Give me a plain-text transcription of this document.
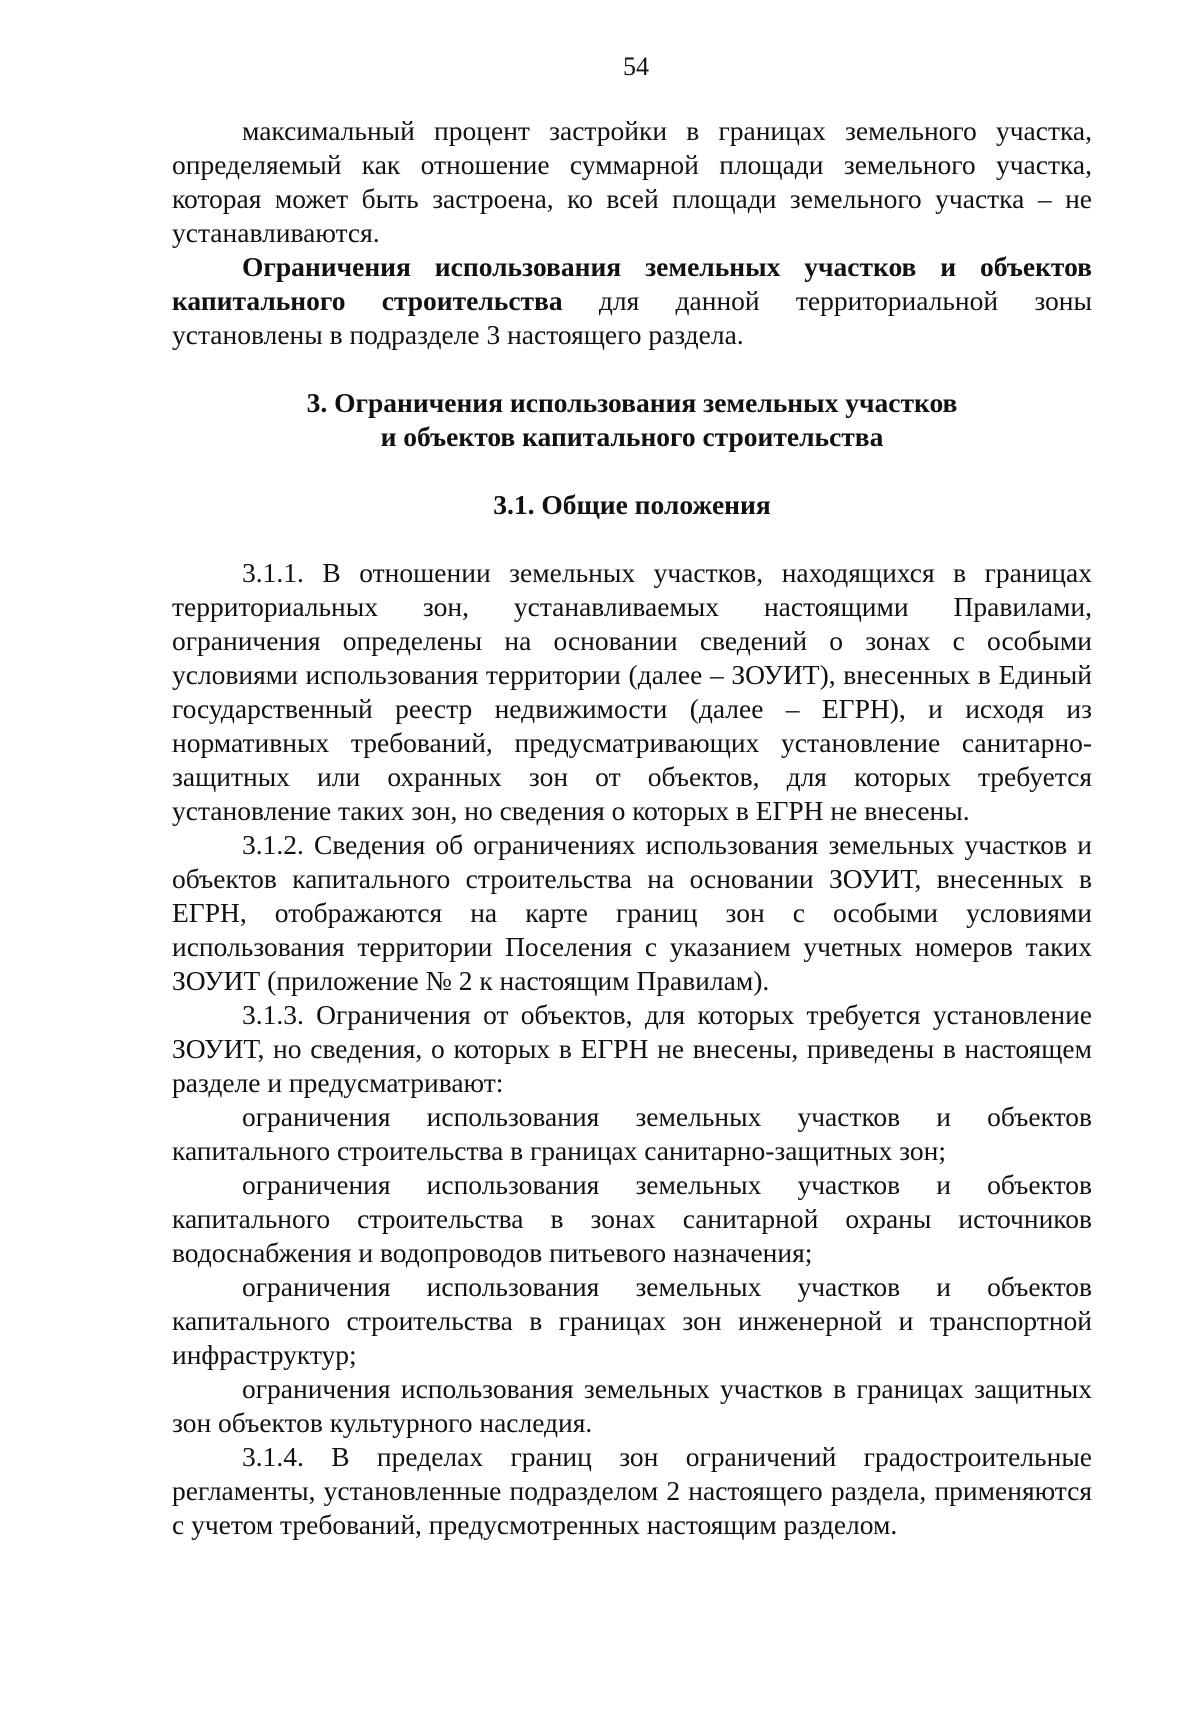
54

максимальный процент застройки в границах земельного участка, определяемый как отношение суммарной площади земельного участка, которая может быть застроена, ко всей площади земельного участка – не устанавливаются.

Ограничения использования земельных участков и объектов капитального строительства для данной территориальной зоны установлены в подразделе 3 настоящего раздела.

3. Ограничения использования земельных участков
и объектов капитального строительства
3.1. Общие положения

3.1.1. В отношении земельных участков, находящихся в границах территориальных зон, устанавливаемых настоящими Правилами, ограничения определены на основании сведений о зонах с особыми условиями использования территории (далее – ЗОУИТ), внесенных в Единый государственный реестр недвижимости (далее – ЕГРН), и исходя из нормативных требований, предусматривающих установление санитарно-защитных или охранных зон от объектов, для которых требуется установление таких зон, но сведения о которых в ЕГРН не внесены.

3.1.2. Сведения об ограничениях использования земельных участков и объектов капитального строительства на основании ЗОУИТ, внесенных в ЕГРН, отображаются на карте границ зон с особыми условиями использования территории Поселения с указанием учетных номеров таких ЗОУИТ (приложение № 2 к настоящим Правилам).

3.1.3. Ограничения от объектов, для которых требуется установление ЗОУИТ, но сведения, о которых в ЕГРН не внесены, приведены в настоящем разделе и предусматривают:

ограничения использования земельных участков и объектов капитального строительства в границах санитарно-защитных зон;

ограничения использования земельных участков и объектов капитального строительства в зонах санитарной охраны источников водоснабжения и водопроводов питьевого назначения;

ограничения использования земельных участков и объектов капитального строительства в границах зон инженерной и транспортной инфраструктур;

ограничения использования земельных участков в границах защитных зон объектов культурного наследия.

3.1.4. В пределах границ зон ограничений градостроительные регламенты, установленные подразделом 2 настоящего раздела, применяются с учетом требований, предусмотренных настоящим разделом.
